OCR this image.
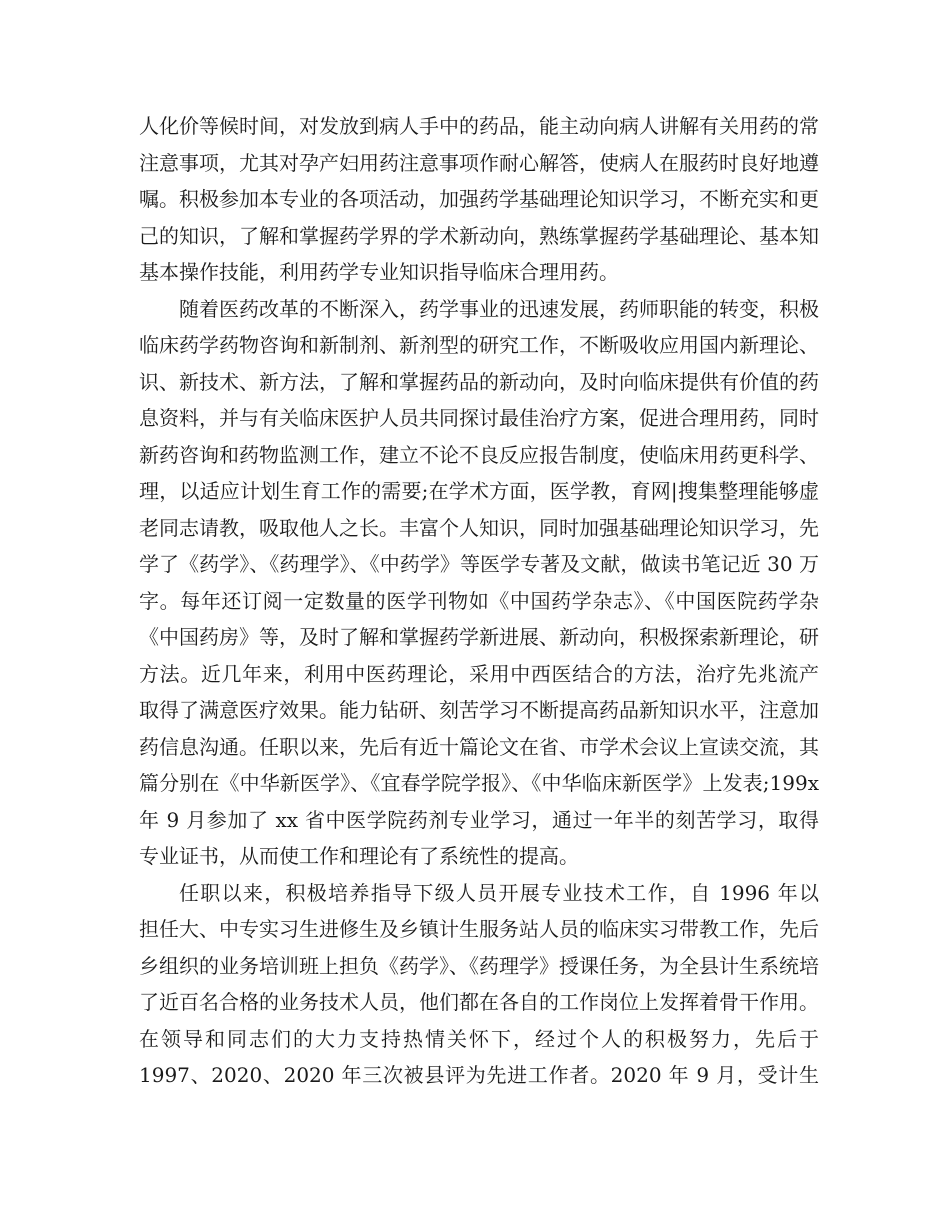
人化价等候时间，对发放到病人手中的药品，能主动向病人讲解有关用药的常
注意事项，尤其对孕产妇用药注意事项作耐心解答，使病人在服药时良好地遵
嘱。积极参加本专业的各项活动，加强药学基础理论知识学习，不断充实和更
己的知识，了解和掌握药学界的学术新动向，熟练掌握药学基础理论、基本知
基本操作技能，利用药学专业知识指导临床合理用药。
随着医药改革的不断深入，药学事业的迅速发展，药师职能的转变，积极
临床药学药物咨询和新制剂、新剂型的研究工作，不断吸收应用国内新理论、
识、新技术、新方法，了解和掌握药品的新动向，及时向临床提供有价值的药
息资料，并与有关临床医护人员共同探讨最佳治疗方案，促进合理用药，同时
新药咨询和药物监测工作，建立不论不良反应报告制度，使临床用药更科学、
理，以适应计划生育工作的需要;在学术方面，医学教，育网|搜集整理能够虚
老同志请教，吸取他人之长。丰富个人知识，同时加强基础理论知识学习，先
学了《药学》、《药理学》、《中药学》等医学专著及文献，做读书笔记近 30 万
字。每年还订阅一定数量的医学刊物如《中国药学杂志》、《中国医院药学杂
《中国药房》等，及时了解和掌握药学新进展、新动向，积极探索新理论，研
方法。近几年来，利用中医药理论，采用中西医结合的方法，治疗先兆流产
取得了满意医疗效果。能力钻研、刻苦学习不断提高药品新知识水平，注意加
药信息沟通。任职以来，先后有近十篇论文在省、市学术会议上宣读交流，其
篇分别在《中华新医学》、《宜春学院学报》、《中华临床新医学》上发表;199x
年 9 月参加了 xx 省中医学院药剂专业学习，通过一年半的刻苦学习，取得
专业证书，从而使工作和理论有了系统性的提高。
任职以来，积极培养指导下级人员开展专业技术工作，自 1996 年以
担任大、中专实习生进修生及乡镇计生服务站人员的临床实习带教工作，先后
乡组织的业务培训班上担负《药学》、《药理学》授课任务，为全县计生系统培
了近百名合格的业务技术人员，他们都在各自的工作岗位上发挥着骨干作用。
在领导和同志们的大力支持热情关怀下，经过个人的积极努力，先后于
1997、2020、2020 年三次被县评为先进工作者。2020 年 9 月，受计生
